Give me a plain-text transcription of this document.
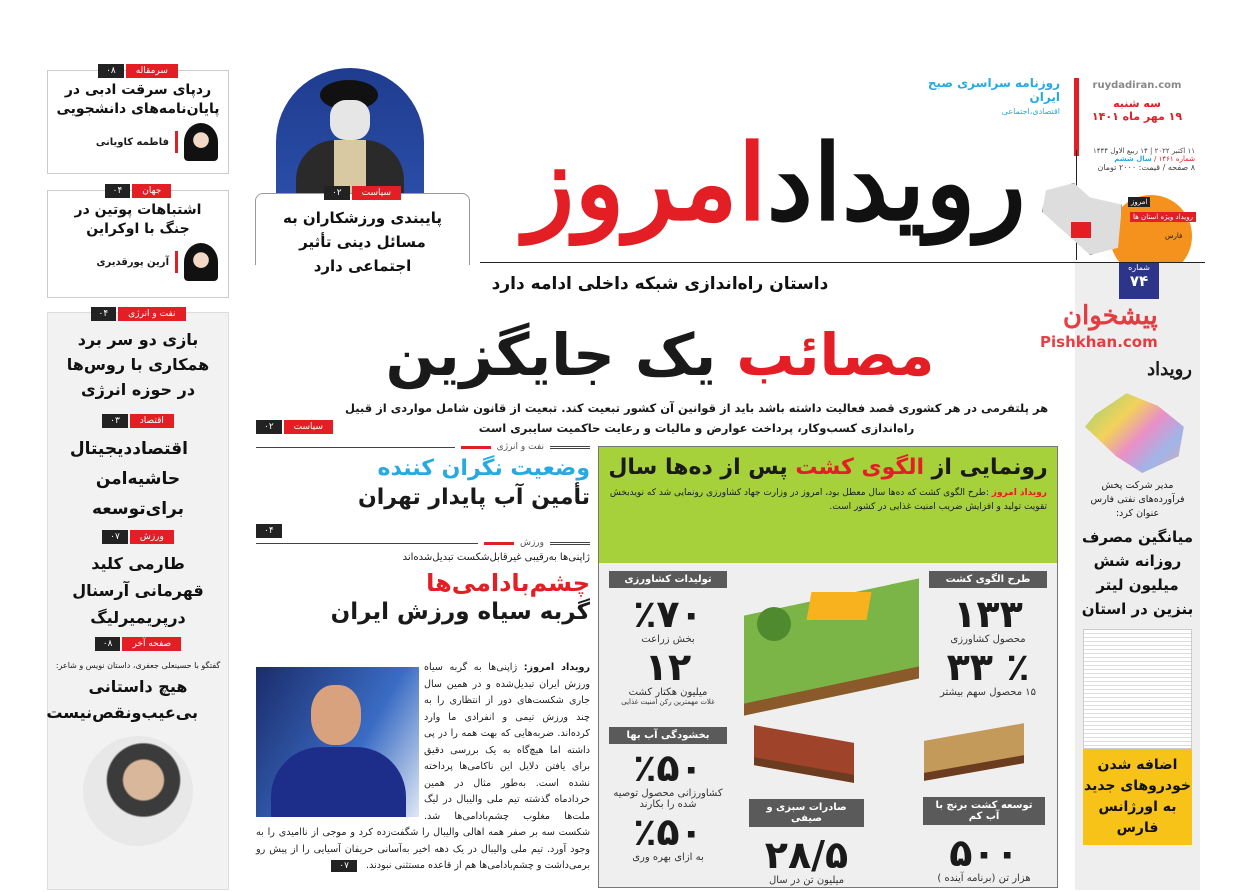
سرمقاله
۰۸
ردپای سرقت ادبی در پایان‌نامه‌های دانشجویی
فاطمه کاویانی
جهان
۰۴
اشتباهات پوتین در جنگ با اوکراین
آرین پورقدیری
نفت و انرژی
۰۴
بازی دو سر برد همکاری با روس‌ها در حوزه انرژی
اقتصاد
۰۳
اقتصاددیجیتال حاشیه‌امن برای‌توسعه
ورزش
۰۷
طارمی کلید قهرمانی آرسنال درپریمیرلیگ
صفحه آخر
۰۸
گفتگو با حسینعلی جعفری، داستان نویس و شاعر:
هیچ داستانی بی‌عیب‌ونقص‌نیست
سیاست
۰۲
پایبندی ورزشکاران به مسائل دینی تأثیر اجتماعی دارد
رویدادامروز
روزنامه سراسری صبح ایران
اقتصادی،اجتماعی
ruydadiran.com
سه شنبه
۱۹ مهر ماه ۱۴۰۱
۱۱ اکتبر ۲۰۲۲ | ۱۴ ربیع الاول ۱۴۴۴
شماره ۱۴۶۱ / سال ششم
۸ صفحه / قیمت: ۲۰۰۰ تومان
امروز
رویداد ویژه استان ها
فارس
داستان راه‌اندازی شبکه داخلی ادامه دارد
مصائب یک جایگزین
سیاست
۰۲
هر پلتفرمی در هر کشوری قصد فعالیت داشته باشد باید از قوانین آن کشور تبعیت کند. تبعیت از قانون شامل مواردی از قبیل راه‌اندازی کسب‌وکار، پرداخت عوارض و مالیات و رعایت حاکمیت سایبری است
نفت و انرژی
وضعیت نگران کننده
تأمین آب پایدار تهران
۰۴
ورزش
ژاپنی‌ها به‌رقیبی غیرقابل‌شکست تبدیل‌شده‌اند
چشم‌بادامی‌ها
گربه سیاه ورزش ایران
رویداد امروز: ژاپنی‌ها به گربه سیاه ورزش ایران تبدیل‌شده و در همین سال جاری شکست‌های دور از انتظاری را به چند ورزش تیمی و انفرادی ما وارد کرده‌اند. ضربه‌هایی که بهت همه را در پی داشته اما هیچ‌گاه به یک بررسی دقیق برای یافتن دلایل این ناکامی‌ها پرداخته نشده است. به‌طور مثال در همین خردادماه گذشته تیم ملی والیبال در لیگ ملت‌ها مغلوب چشم‌بادامی‌ها شد. شکست سه بر صفر همه اهالی والیبال را شگفت‌زده کرد و موجی از ناامیدی را به وجود آورد. تیم ملی والیبال در یک دهه اخیر به‌آسانی حریفان آسیایی را از پیش رو برمی‌داشت و چشم‌بادامی‌ها هم از قاعده مستثنی نبودند. ۰۷
رونمایی از الگوی کشت پس از ده‌ها سال
رویداد امروز :طرح الگوی کشت که ده‌ها سال معطل بود، امروز در وزارت جهاد کشاورزی رونمایی شد که نویدبخش تقویت تولید و افزایش ضریب امنیت غذایی در کشور است.
طرح الگوی کشت
۱۳۳
محصول کشاورزی
٪ ۳۳
۱۵ محصول سهم بیشتر
تولیدات کشاورزی
٪۷۰
بخش زراعت
۱۲
میلیون هکتار کشت
غلات مهمترین رکن امنیت غذایی
بخشودگی آب بها
٪۵۰
کشاورزانی محصول توصیه شده را بکارند
٪۵۰
به ازای بهره وری
صادرات سبزی و صیفی
۲۸/۵
میلیون تن در سال
توسعه کشت برنج با آب کم
۵۰۰
هزار تن (برنامه آینده )
شماره
۷۴
رویداد
مدیر شرکت پخش فرآورده‌های نفتی فارس عنوان کرد:
میانگین مصرف روزانه شش میلیون لیتر بنزین در استان
اضافه شدن خودروهای جدید به اورژانس فارس
پیشخوان
Pishkhan.com
